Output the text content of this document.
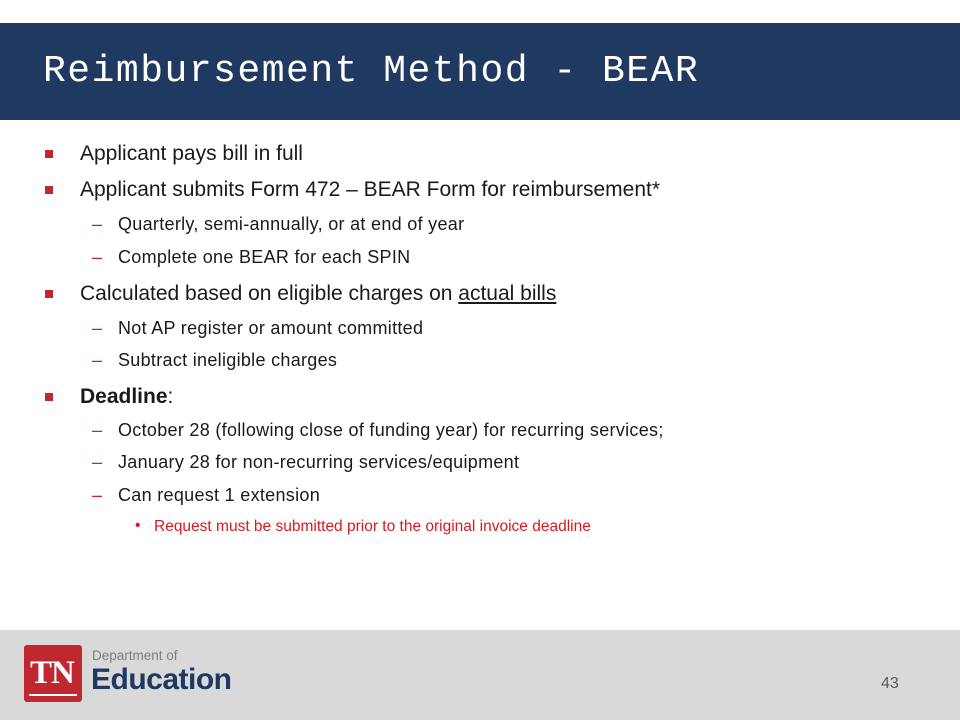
Reimbursement Method - BEAR
Applicant pays bill in full
Applicant submits Form 472 – BEAR Form for reimbursement*
– Quarterly, semi-annually, or at end of year
– Complete one BEAR for each SPIN
Calculated based on eligible charges on actual bills
– Not AP register or amount committed
– Subtract ineligible charges
Deadline:
– October 28 (following close of funding year) for recurring services;
– January 28 for non-recurring services/equipment
– Can request 1 extension
• Request must be submitted prior to the original invoice deadline
TN Department of
Education	43
